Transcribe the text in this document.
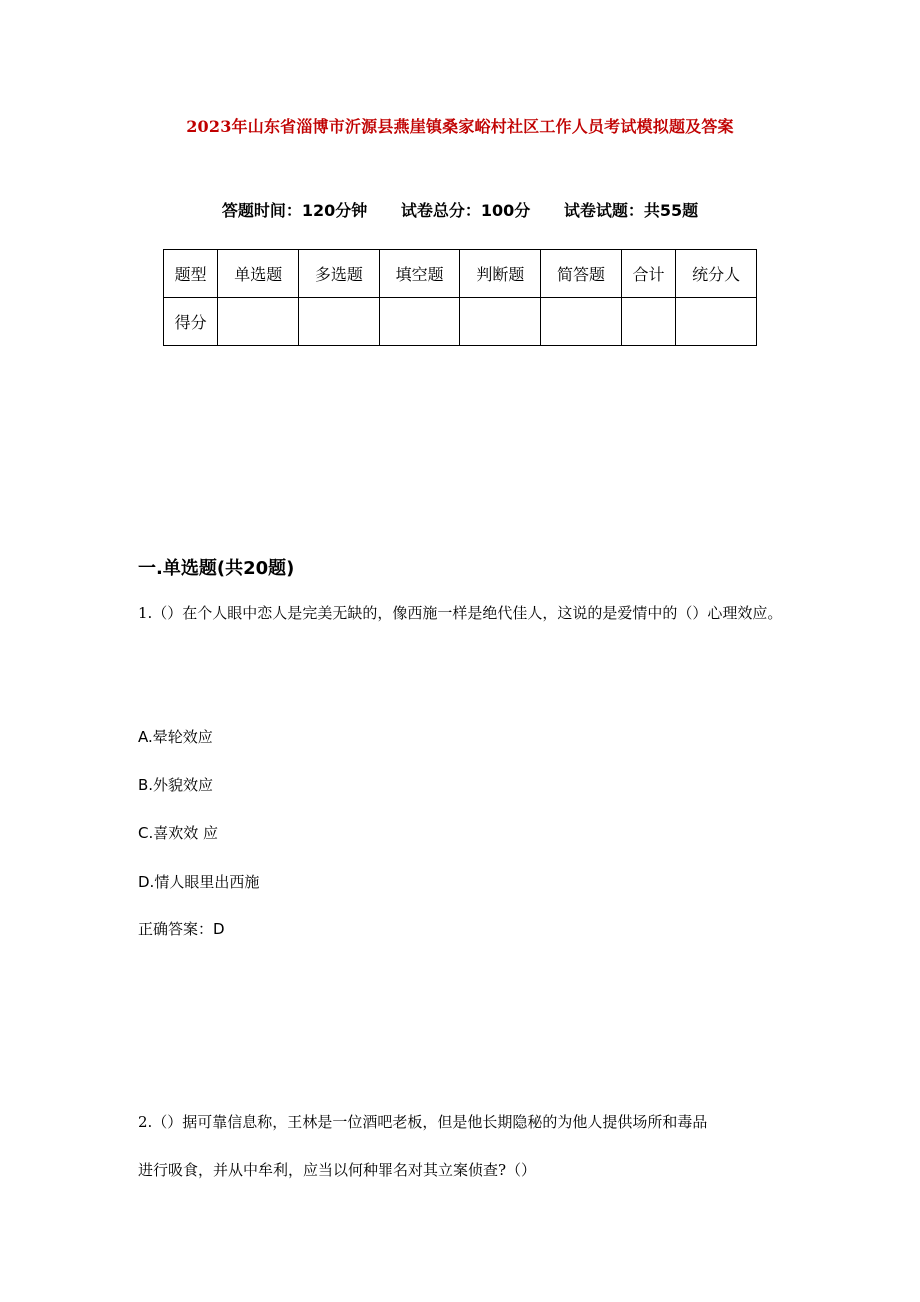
2023年山东省淄博市沂源县燕崖镇桑家峪村社区工作人员考试模拟题及答案
答题时间：120分钟 试卷总分：100分 试卷试题：共55题
题型	单选题	多选题	填空题	判断题	简答题	合计	统分人
得分							
一.单选题(共20题)
1.（）在个人眼中恋人是完美无缺的，像西施一样是绝代佳人，这说的是爱情中的（）心理效应。
A.晕轮效应
B.外貌效应
C.喜欢效 应
D.情人眼里出西施
正确答案：D
2.（）据可靠信息称，王林是一位酒吧老板，但是他长期隐秘的为他人提供场所和毒品
进行吸食，并从中牟利，应当以何种罪名对其立案侦查?（）
